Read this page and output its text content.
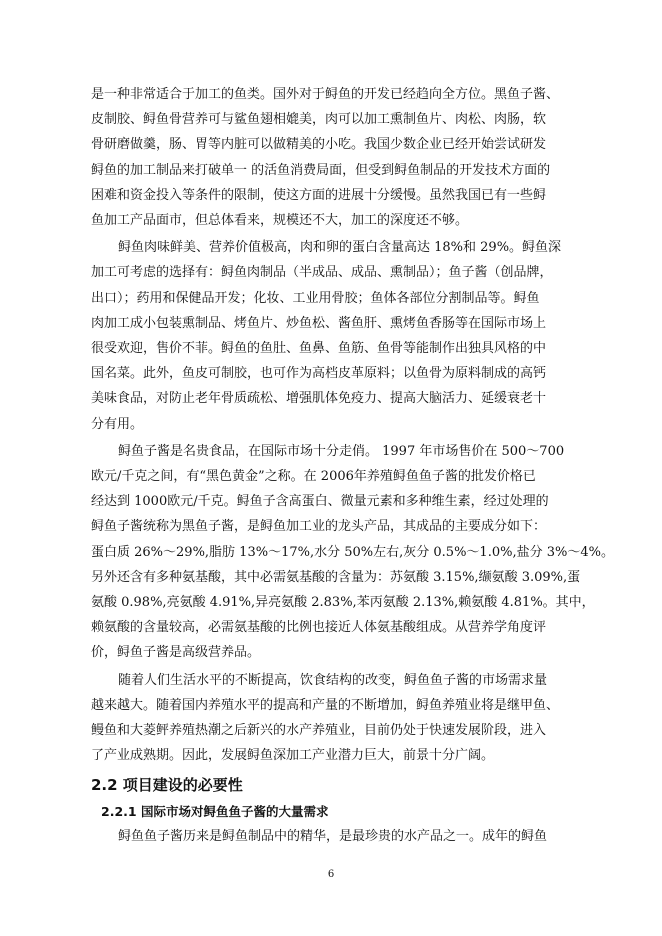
是一种非常适合于加工的鱼类。国外对于鲟鱼的开发已经趋向全方位。黑鱼子酱、
皮制胶、鲟鱼骨营养可与鲨鱼翅相媲美，肉可以加工熏制鱼片、肉松、肉肠，软
骨研磨做羹，肠、胃等内脏可以做精美的小吃。我国少数企业已经开始尝试研发
鲟鱼的加工制品来打破单一 的活鱼消费局面，但受到鲟鱼制品的开发技术方面的
困难和资金投入等条件的限制，使这方面的进展十分缓慢。虽然我国已有一些鲟
鱼加工产品面市，但总体看来，规模还不大，加工的深度还不够。
鲟鱼肉味鲜美、营养价值极高，肉和卵的蛋白含量高达 18%和 29%。鲟鱼深
加工可考虑的选择有：鲟鱼肉制品（半成品、成品、熏制品）；鱼子酱（创品牌，
出口）；药用和保健品开发；化妆、工业用骨胶；鱼体各部位分割制品等。鲟鱼
肉加工成小包装熏制品、烤鱼片、炒鱼松、酱鱼肝、熏烤鱼香肠等在国际市场上
很受欢迎，售价不菲。鲟鱼的鱼肚、鱼鼻、鱼筋、鱼骨等能制作出独具风格的中
国名菜。此外，鱼皮可制胶，也可作为高档皮革原料；以鱼骨为原料制成的高钙
美味食品，对防止老年骨质疏松、增强肌体免疫力、提高大脑活力、延缓衰老十
分有用。
鲟鱼子酱是名贵食品，在国际市场十分走俏。 1997 年市场售价在 500～700
欧元/千克之间，有“黑色黄金”之称。在 2006年养殖鲟鱼鱼子酱的批发价格已
经达到 1000欧元/千克。鲟鱼子含高蛋白、微量元素和多种维生素，经过处理的
鲟鱼子酱统称为黑鱼子酱，是鲟鱼加工业的龙头产品，其成品的主要成分如下：
蛋白质 26%～29%,脂肪 13%～17%,水分 50%左右,灰分 0.5%～1.0%,盐分 3%～4%。
另外还含有多种氨基酸，其中必需氨基酸的含量为：苏氨酸 3.15%,缬氨酸 3.09%,蛋
氨酸 0.98%,亮氨酸 4.91%,异亮氨酸 2.83%,苯丙氨酸 2.13%,赖氨酸 4.81%。其中，
赖氨酸的含量较高，必需氨基酸的比例也接近人体氨基酸组成。从营养学角度评
价，鲟鱼子酱是高级营养品。
随着人们生活水平的不断提高，饮食结构的改变，鲟鱼鱼子酱的市场需求量
越来越大。随着国内养殖水平的提高和产量的不断增加，鲟鱼养殖业将是继甲鱼、
鳗鱼和大菱鲆养殖热潮之后新兴的水产养殖业，目前仍处于快速发展阶段，进入
了产业成熟期。因此，发展鲟鱼深加工产业潜力巨大，前景十分广阔。
2.2 项目建设的必要性
2.2.1 国际市场对鲟鱼鱼子酱的大量需求
鲟鱼鱼子酱历来是鲟鱼制品中的精华，是最珍贵的水产品之一。成年的鲟鱼
6
